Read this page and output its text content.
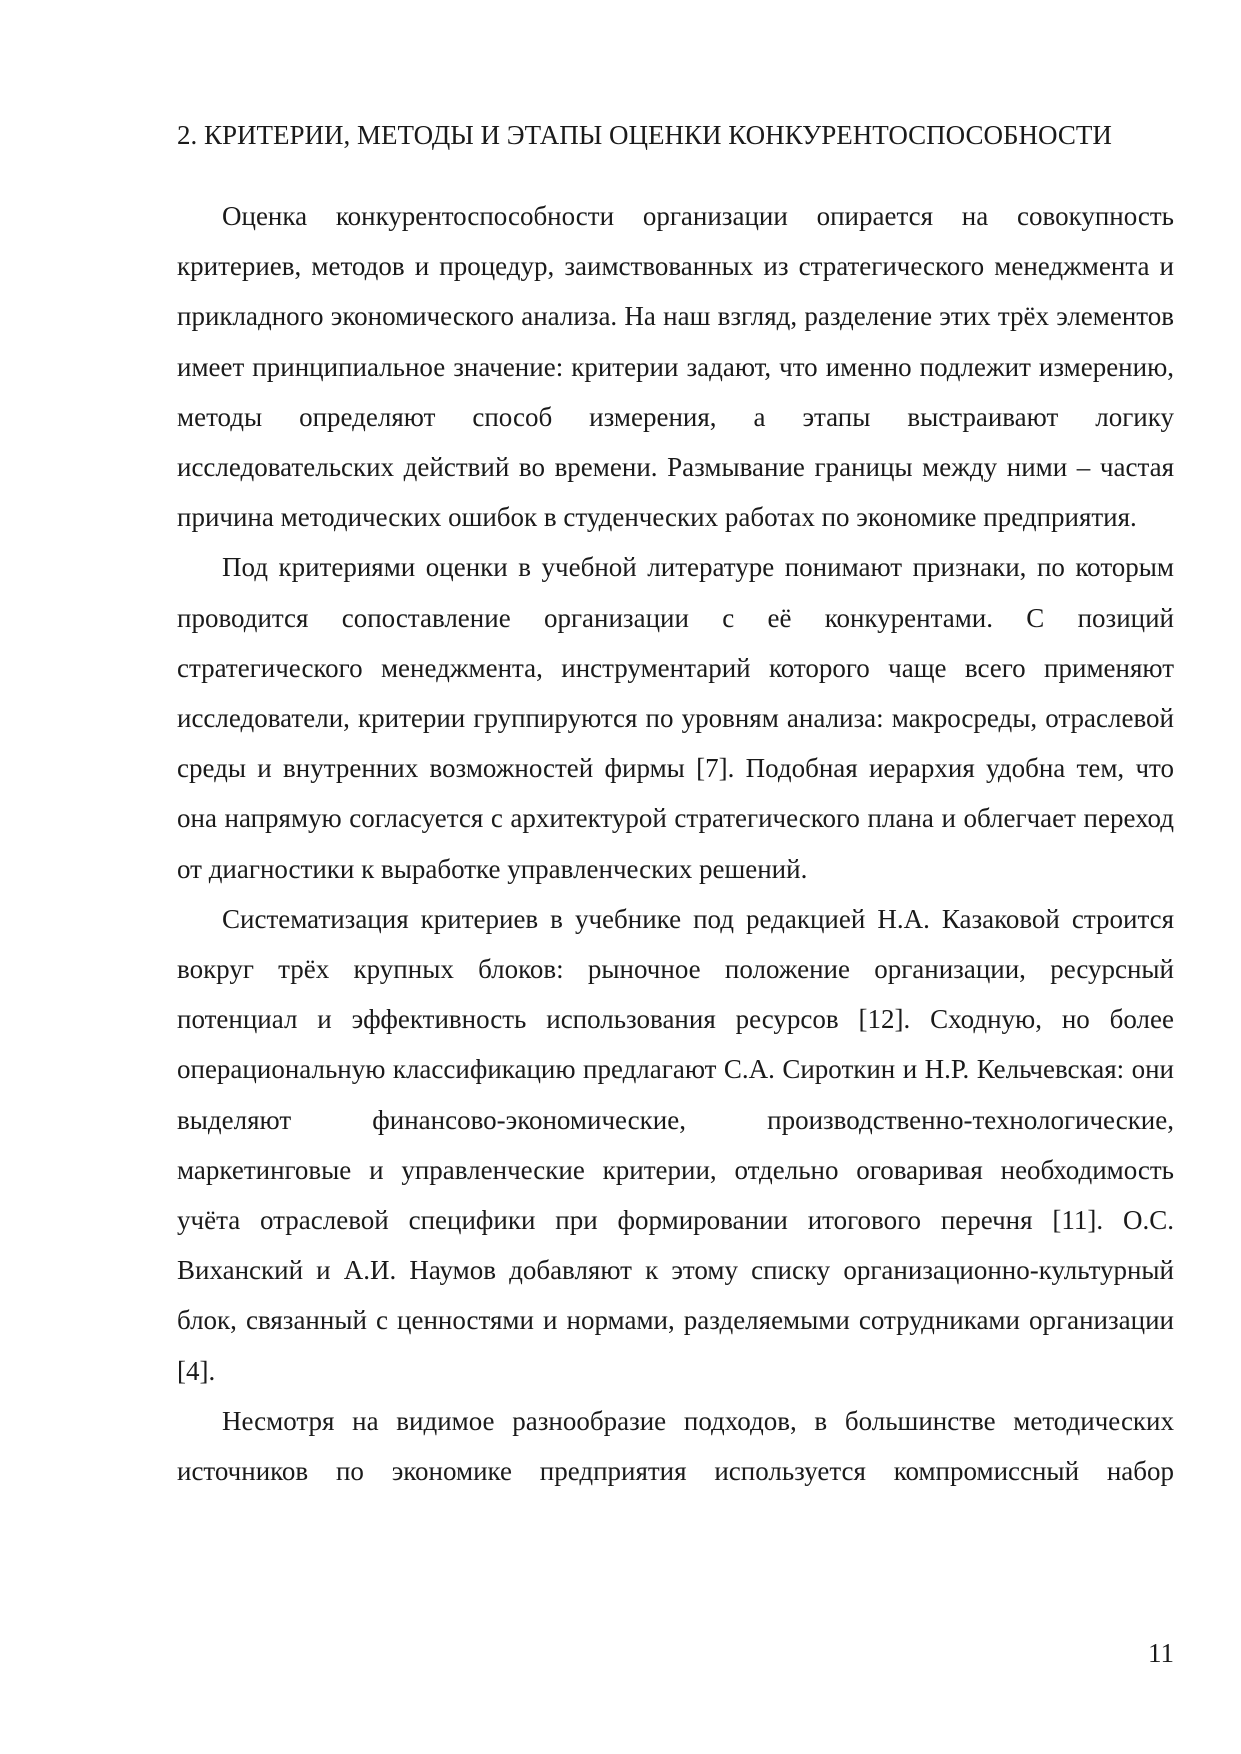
2. КРИТЕРИИ, МЕТОДЫ И ЭТАПЫ ОЦЕНКИ КОНКУРЕНТОСПОСОБНОСТИ

Оценка конкурентоспособности организации опирается на совокупность критериев, методов и процедур, заимствованных из стратегического менеджмента и прикладного экономического анализа. На наш взгляд, разделение этих трёх элементов имеет принципиальное значение: критерии задают, что именно подлежит измерению, методы определяют способ измерения, а этапы выстраивают логику исследовательских действий во времени. Размывание границы между ними – частая причина методических ошибок в студенческих работах по экономике предприятия.

Под критериями оценки в учебной литературе понимают признаки, по которым проводится сопоставление организации с её конкурентами. С позиций стратегического менеджмента, инструментарий которого чаще всего применяют исследователи, критерии группируются по уровням анализа: макросреды, отраслевой среды и внутренних возможностей фирмы [7]. Подобная иерархия удобна тем, что она напрямую согласуется с архитектурой стратегического плана и облегчает переход от диагностики к выработке управленческих решений.

Систематизация критериев в учебнике под редакцией Н.А. Казаковой строится вокруг трёх крупных блоков: рыночное положение организации, ресурсный потенциал и эффективность использования ресурсов [12]. Сходную, но более операциональную классификацию предлагают С.А. Сироткин и Н.Р. Кельчевская: они выделяют финансово-экономические, производственно-технологические, маркетинговые и управленческие критерии, отдельно оговаривая необходимость учёта отраслевой специфики при формировании итогового перечня [11]. О.С. Виханский и А.И. Наумов добавляют к этому списку организационно-культурный блок, связанный с ценностями и нормами, разделяемыми сотрудниками организации [4].

Несмотря на видимое разнообразие подходов, в большинстве методических источников по экономике предприятия используется компромиссный набор

11
